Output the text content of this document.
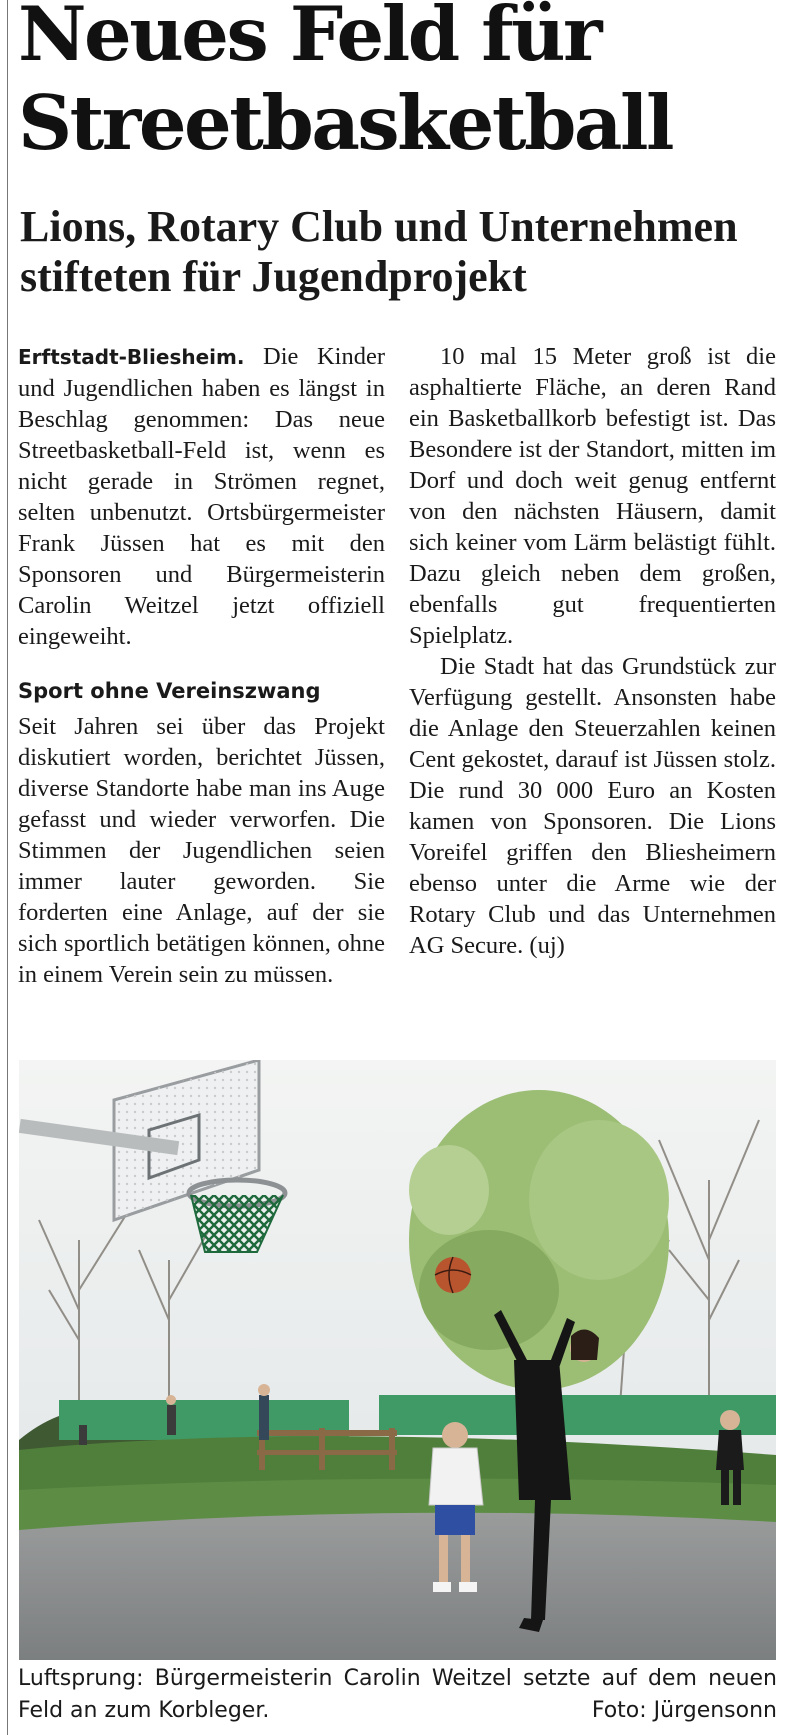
Neues Feld für Streetbasketball
Lions, Rotary Club und Unternehmen stifteten für Jugendprojekt

Erftstadt-Bliesheim. Die Kinder und Jugendlichen haben es längst in Beschlag genommen: Das neue Streetbasketball-Feld ist, wenn es nicht gerade in Strömen regnet, selten unbenutzt. Ortsbürgermeister Frank Jüssen hat es mit den Sponsoren und Bürgermeisterin Carolin Weitzel jetzt offiziell eingeweiht.

Sport ohne Vereinszwang

Seit Jahren sei über das Projekt diskutiert worden, berichtet Jüssen, diverse Standorte habe man ins Auge gefasst und wieder verworfen. Die Stimmen der Jugendlichen seien immer lauter geworden. Sie forderten eine Anlage, auf der sie sich sportlich betätigen können, ohne in einem Verein sein zu müssen.

10 mal 15 Meter groß ist die asphaltierte Fläche, an deren Rand ein Basketballkorb befestigt ist. Das Besondere ist der Standort, mitten im Dorf und doch weit genug entfernt von den nächsten Häusern, damit sich keiner vom Lärm belästigt fühlt. Dazu gleich neben dem großen, ebenfalls gut frequentierten Spielplatz.

Die Stadt hat das Grundstück zur Verfügung gestellt. Ansonsten habe die Anlage den Steuerzahlen keinen Cent gekostet, darauf ist Jüssen stolz. Die rund 30 000 Euro an Kosten kamen von Sponsoren. Die Lions Voreifel griffen den Bliesheimern ebenso unter die Arme wie der Rotary Club und das Unternehmen AG Secure. (uj)

Luftsprung: Bürgermeisterin Carolin Weitzel setzte auf dem neuen
Feld an zum Korbleger.	Foto: Jürgensonn
